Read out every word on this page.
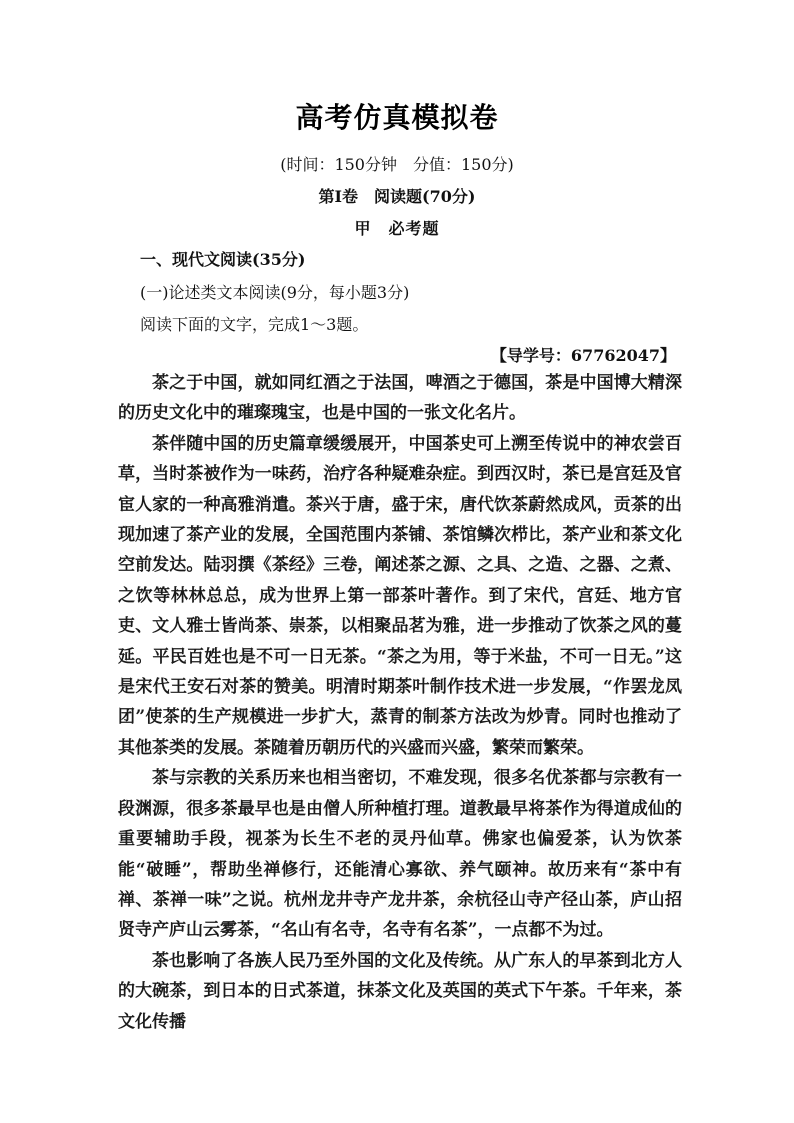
高考仿真模拟卷
(时间：150分钟　分值：150分)
第Ⅰ卷　阅读题(70分)
甲　必考题
一、现代文阅读(35分)
(一)论述类文本阅读(9分，每小题3分)
阅读下面的文字，完成1～3题。
【导学号：67762047】

茶之于中国，就如同红酒之于法国，啤酒之于德国，茶是中国博大精深的历史文化中的璀璨瑰宝，也是中国的一张文化名片。

茶伴随中国的历史篇章缓缓展开，中国茶史可上溯至传说中的神农尝百草，当时茶被作为一味药，治疗各种疑难杂症。到西汉时，茶已是宫廷及官宦人家的一种高雅消遣。茶兴于唐，盛于宋，唐代饮茶蔚然成风，贡茶的出现加速了茶产业的发展，全国范围内茶铺、茶馆鳞次栉比，茶产业和茶文化空前发达。陆羽撰《茶经》三卷，阐述茶之源、之具、之造、之器、之煮、之饮等林林总总，成为世界上第一部茶叶著作。到了宋代，宫廷、地方官吏、文人雅士皆尚茶、崇茶，以相聚品茗为雅，进一步推动了饮茶之风的蔓延。平民百姓也是不可一日无茶。“茶之为用，等于米盐，不可一日无。”这是宋代王安石对茶的赞美。明清时期茶叶制作技术进一步发展，“作罢龙凤团”使茶的生产规模进一步扩大，蒸青的制茶方法改为炒青。同时也推动了其他茶类的发展。茶随着历朝历代的兴盛而兴盛，繁荣而繁荣。

茶与宗教的关系历来也相当密切，不难发现，很多名优茶都与宗教有一段渊源，很多茶最早也是由僧人所种植打理。道教最早将茶作为得道成仙的重要辅助手段，视茶为长生不老的灵丹仙草。佛家也偏爱茶，认为饮茶能“破睡”，帮助坐禅修行，还能清心寡欲、养气颐神。故历来有“茶中有禅、茶禅一味”之说。杭州龙井寺产龙井茶，余杭径山寺产径山茶，庐山招贤寺产庐山云雾茶，“名山有名寺，名寺有名茶”，一点都不为过。

茶也影响了各族人民乃至外国的文化及传统。从广东人的早茶到北方人的大碗茶，到日本的日式茶道，抹茶文化及英国的英式下午茶。千年来，茶文化传播
